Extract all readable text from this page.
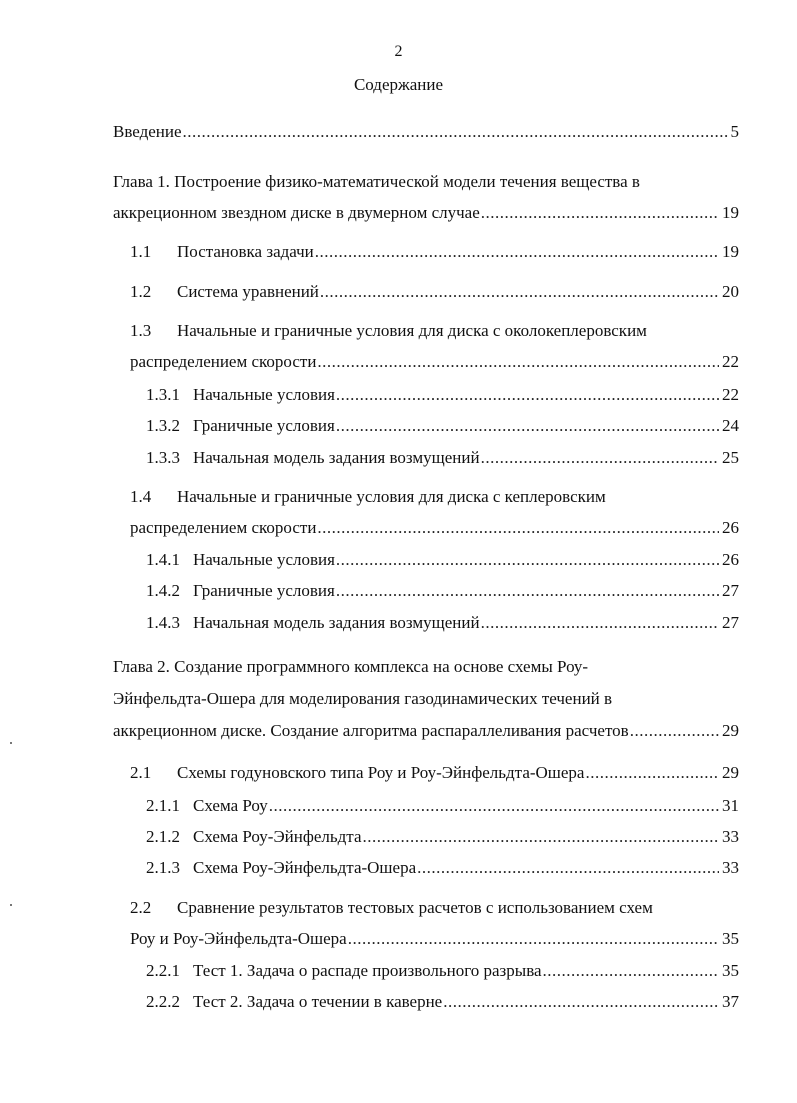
2
Содержание
Введение .....	5
Глава 1. Построение физико-математической модели течения вещества в
аккреционном звездном диске в двумерном случае .....	19
1.1	Постановка задачи .....	19
1.2	Система уравнений .....	20
1.3	Начальные и граничные условия для диска с околокеплеровским
распределением скорости .....	22
1.3.1 Начальные условия .....	22
1.3.2 Граничные условия .....	24
1.3.3 Начальная модель задания возмущений .....	25
1.4	Начальные и граничные условия для диска с кеплеровским
распределением скорости .....	26
1.4.1 Начальные условия .....	26
1.4.2 Граничные условия .....	27
1.4.3 Начальная модель задания возмущений .....	27
Глава 2. Создание программного комплекса на основе схемы Роу-
Эйнфельдта-Ошера для моделирования газодинамических течений в
аккреционном диске. Создание алгоритма распараллеливания расчетов .....	29
2.1	Схемы годуновского типа Роу и Роу-Эйнфельдта-Ошера .....	29
2.1.1 Схема Роу .....	31
2.1.2 Схема Роу-Эйнфельдта .....	33
2.1.3 Схема Роу-Эйнфельдта-Ошера .....	33
2.2	Сравнение результатов тестовых расчетов с использованием схем
Роу и Роу-Эйнфельдта-Ошера .....	35
2.2.1 Тест 1. Задача о распаде произвольного разрыва .....	35
2.2.2 Тест 2. Задача о течении в каверне .....	37
